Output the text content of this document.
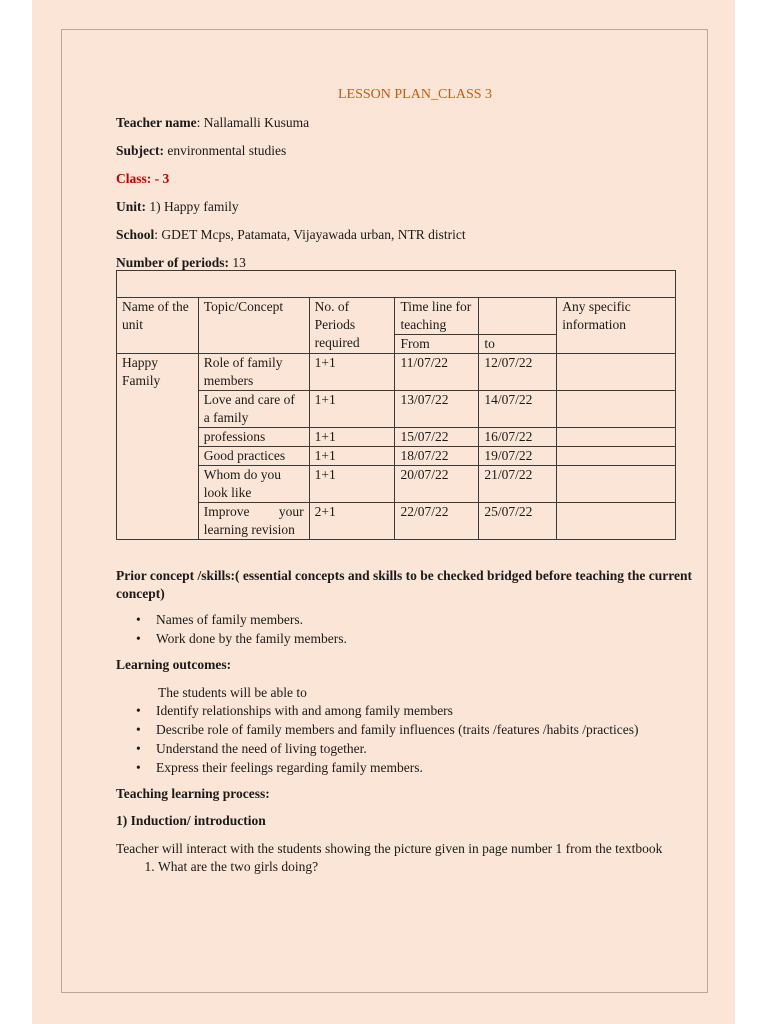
LESSON PLAN_CLASS 3

Teacher name: Nallamalli Kusuma

Subject: environmental studies

Class: - 3

Unit: 1) Happy family

School: GDET Mcps, Patamata, Vijayawada urban, NTR district

Number of periods: 13

Name of the unit	Topic/Concept	No. of Periods required	Time line for teaching		Any specific information
			From	to	
Happy Family	Role of family members	1+1	11/07/22	12/07/22	
	Love and care of a family	1+1	13/07/22	14/07/22	
	professions	1+1	15/07/22	16/07/22	
	Good practices	1+1	18/07/22	19/07/22	
	Whom do you look like	1+1	20/07/22	21/07/22	
	Improve your learning revision	2+1	22/07/22	25/07/22	
Prior concept /skills:( essential concepts and skills to be checked bridged before teaching the current concept)
• Names of family members.
• Work done by the family members.
Learning outcomes:

The students will be able to

• Identify relationships with and among family members
• Describe role of family members and family influences (traits /features /habits /practices)
• Understand the need of living together.
• Express their feelings regarding family members.
Teaching learning process:
1) Induction/ introduction

Teacher will interact with the students showing the picture given in page number 1 from the textbook

1. What are the two girls doing?
